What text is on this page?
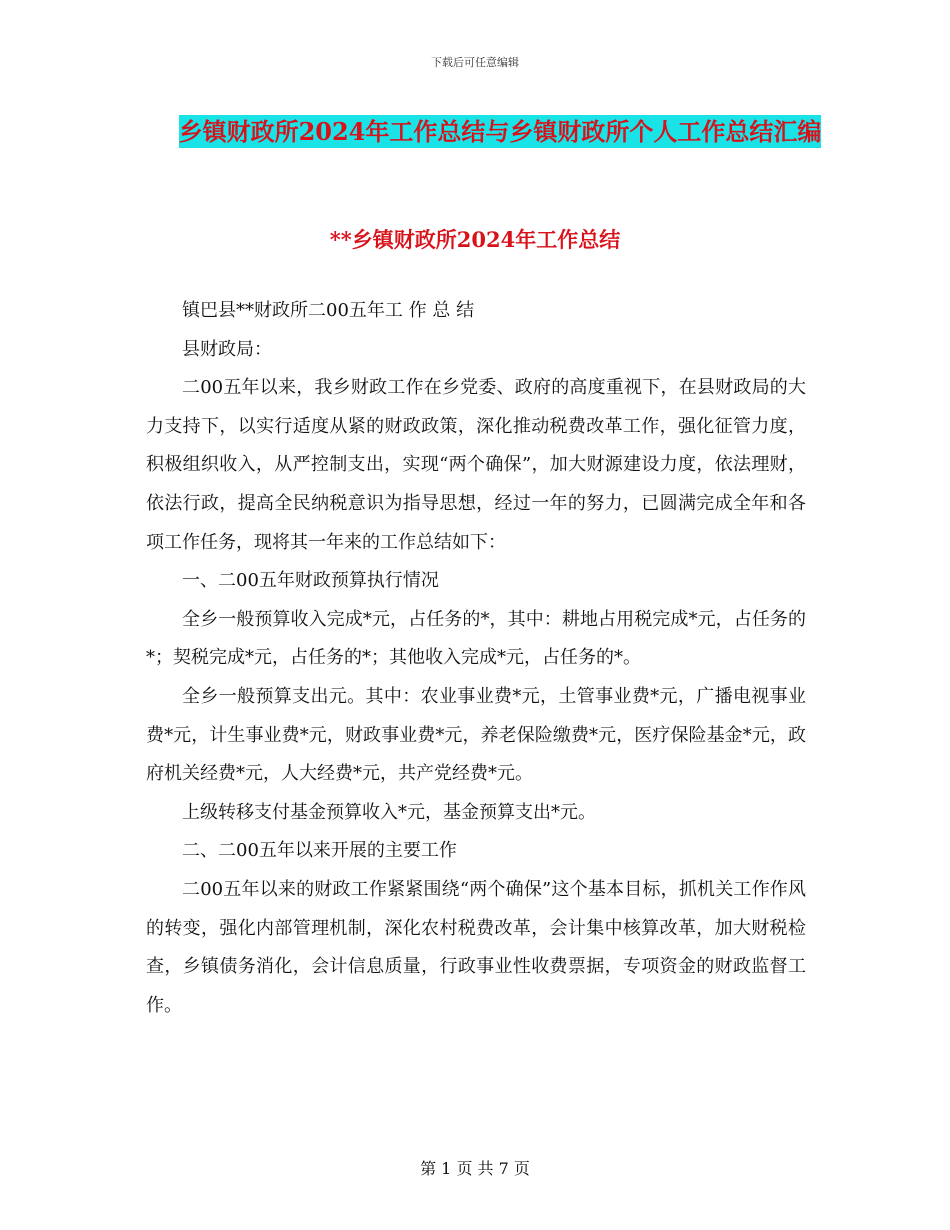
下载后可任意编辑
乡镇财政所2024年工作总结与乡镇财政所个人工作总结汇编
**乡镇财政所2024年工作总结

镇巴县**财政所二00五年工 作 总 结

县财政局：

二00五年以来，我乡财政工作在乡党委、政府的高度重视下，在县财政局的大力支持下，以实行适度从紧的财政政策，深化推动税费改革工作，强化征管力度，积极组织收入，从严控制支出，实现“两个确保”，加大财源建设力度，依法理财，依法行政，提高全民纳税意识为指导思想，经过一年的努力，已圆满完成全年和各项工作任务，现将其一年来的工作总结如下：

一、二00五年财政预算执行情况

全乡一般预算收入完成*元，占任务的*，其中：耕地占用税完成*元，占任务的*；契税完成*元，占任务的*；其他收入完成*元，占任务的*。

全乡一般预算支出元。其中：农业事业费*元，土管事业费*元，广播电视事业费*元，计生事业费*元，财政事业费*元，养老保险缴费*元，医疗保险基金*元，政府机关经费*元，人大经费*元，共产党经费*元。

上级转移支付基金预算收入*元，基金预算支出*元。

二、二00五年以来开展的主要工作

二00五年以来的财政工作紧紧围绕“两个确保”这个基本目标，抓机关工作作风的转变，强化内部管理机制，深化农村税费改革，会计集中核算改革，加大财税检查，乡镇债务消化，会计信息质量，行政事业性收费票据，专项资金的财政监督工作。

第 1 页 共 7 页
